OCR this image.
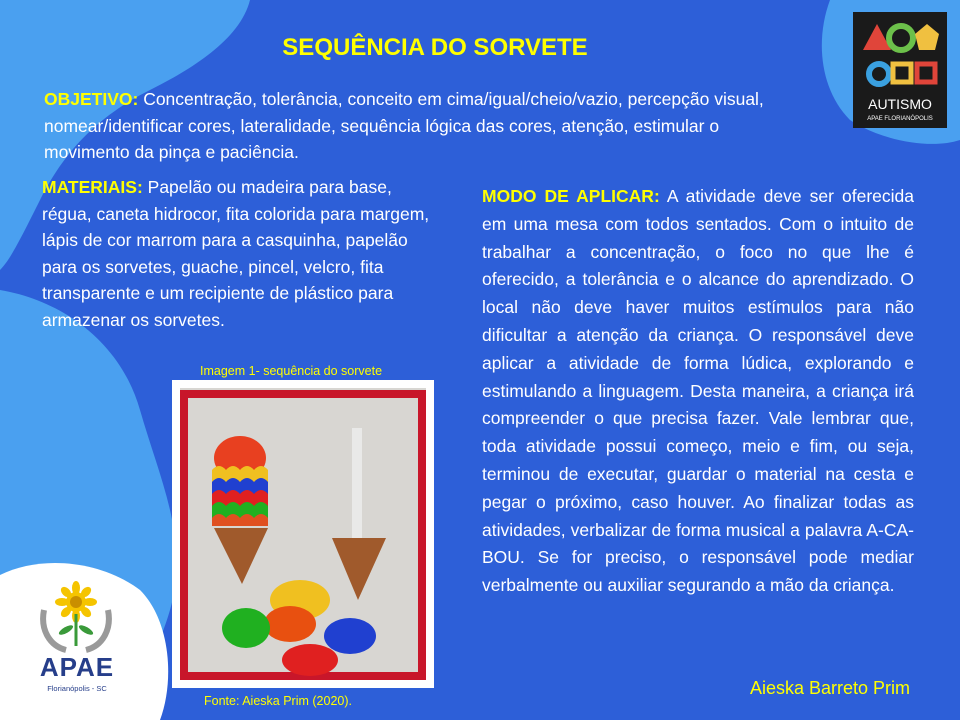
SEQUÊNCIA DO SORVETE
OBJETIVO: Concentração, tolerância, conceito em cima/igual/cheio/vazio, percepção visual, nomear/identificar cores, lateralidade, sequência lógica das cores, atenção, estimular o movimento da pinça e paciência.
MATERIAIS: Papelão ou madeira para base, régua, caneta hidrocor, fita colorida para margem, lápis de cor marrom para a casquinha, papelão para os sorvetes, guache, pincel, velcro, fita transparente e um recipiente de plástico para armazenar os sorvetes.
MODO DE APLICAR: A atividade deve ser oferecida em uma mesa com todos sentados. Com o intuito de trabalhar a concentração, o foco no que lhe é oferecido, a tolerância e o alcance do aprendizado. O local não deve haver muitos estímulos para não dificultar a atenção da criança. O responsável deve aplicar a atividade de forma lúdica, explorando e estimulando a linguagem. Desta maneira, a criança irá compreender o que precisa fazer. Vale lembrar que, toda atividade possui começo, meio e fim, ou seja, terminou de executar, guardar o material na cesta e pegar o próximo, caso houver. Ao finalizar todas as atividades, verbalizar de forma musical a palavra A-CA-BOU. Se for preciso, o responsável pode mediar verbalmente ou auxiliar segurando a mão da criança.
Imagem 1- sequência do sorvete
Fonte: Aieska Prim (2020).
Aieska Barreto Prim
AUTISMO
APAE FLORIANÓPOLIS
APAE
Florianópolis - SC
